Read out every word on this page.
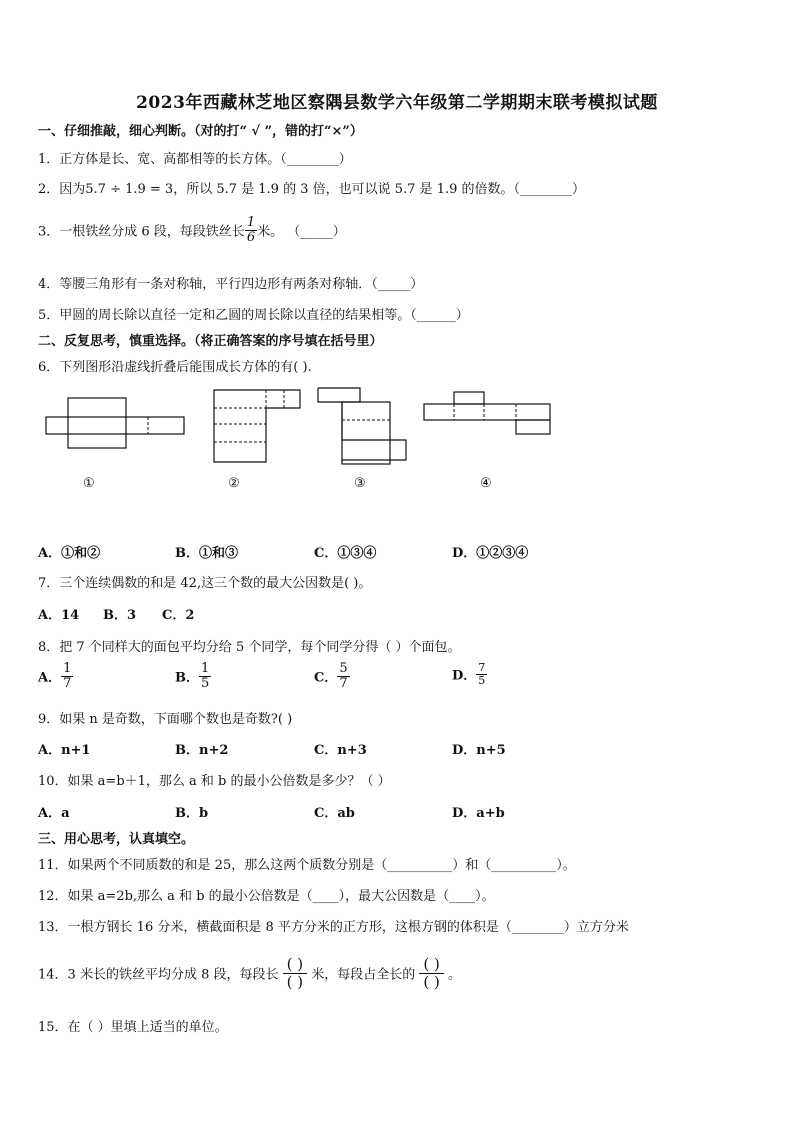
2023年西藏林芝地区察隅县数学六年级第二学期期末联考模拟试题
一、仔细推敲，细心判断。（对的打“ √ ”，错的打“×”）
1．正方体是长、宽、高都相等的长方体。（________）
2．因为5.7 ÷ 1.9 = 3，所以 5.7 是 1.9 的 3 倍，也可以说 5.7 是 1.9 的倍数。（________）
3．一根铁丝分成 6 段，每段铁丝长 $\frac{1}{6}$ 米。 （_____）
4．等腰三角形有一条对称轴，平行四边形有两条对称轴．（_____）
5．甲圆的周长除以直径一定和乙圆的周长除以直径的结果相等。（______）
二、反复思考，慎重选择。（将正确答案的序号填在括号里）
6．下列图形沿虚线折叠后能围成长方体的有( ).
①	②	③	④
A．①和②	B．①和③	C．①③④	D．①②③④
7．三个连续偶数的和是 42,这三个数的最大公因数是( )。
A．14 B．3 C．2
8．把 7 个同样大的面包平均分给 5 个同学，每个同学分得（ ）个面包。
A． $\frac{1}{7}$	B． $\frac{1}{5}$	C． $\frac{5}{7}$	D． $\frac{7}{5}$
9．如果 n 是奇数，下面哪个数也是奇数?( )
A．n+1	B．n+2	C．n+3	D．n+5
10．如果 a=b＋1，那么 a 和 b 的最小公倍数是多少？（ ）
A．a	B．b	C．ab	D．a+b
三、用心思考，认真填空。
11．如果两个不同质数的和是 25，那么这两个质数分别是（__________）和（__________）。
12．如果 a=2b,那么 a 和 b 的最小公倍数是（____），最大公因数是（____）。
13．一根方钢长 16 分米，横截面积是 8 平方分米的正方形，这根方钢的体积是（________）立方分米
14．3 米长的铁丝平均分成 8 段，每段长 $\frac{( )}{( )}$ 米，每段占全长的 $\frac{( )}{( )}$ 。
15．在（ ）里填上适当的单位。
